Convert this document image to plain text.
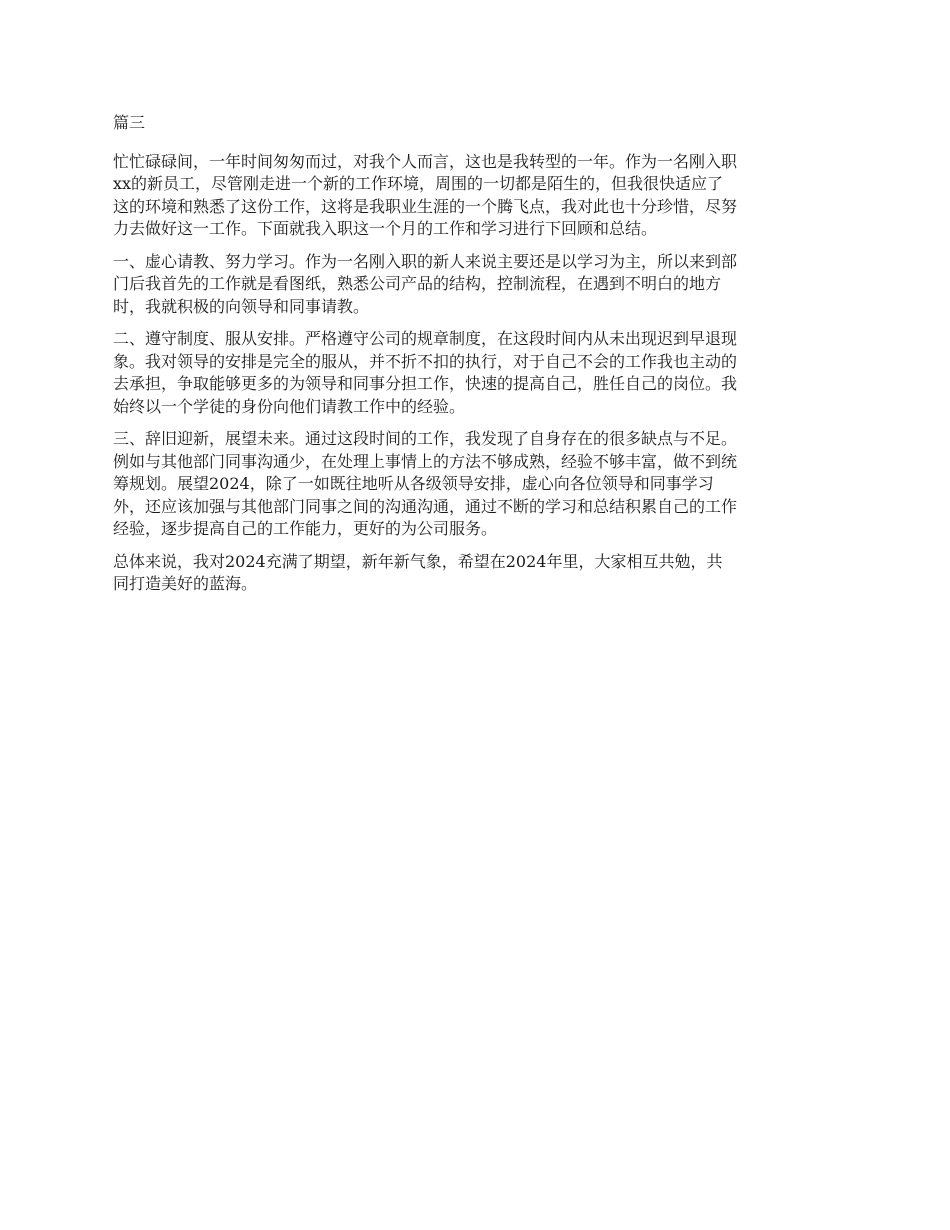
篇三
忙忙碌碌间，一年时间匆匆而过，对我个人而言，这也是我转型的一年。作为一名刚入职
xx的新员工，尽管刚走进一个新的工作环境，周围的一切都是陌生的，但我很快适应了
这的环境和熟悉了这份工作，这将是我职业生涯的一个腾飞点，我对此也十分珍惜，尽努
力去做好这一工作。下面就我入职这一个月的工作和学习进行下回顾和总结。
一、虚心请教、努力学习。作为一名刚入职的新人来说主要还是以学习为主，所以来到部
门后我首先的工作就是看图纸，熟悉公司产品的结构，控制流程，在遇到不明白的地方
时，我就积极的向领导和同事请教。
二、遵守制度、服从安排。严格遵守公司的规章制度，在这段时间内从未出现迟到早退现
象。我对领导的安排是完全的服从，并不折不扣的执行，对于自己不会的工作我也主动的
去承担，争取能够更多的为领导和同事分担工作，快速的提高自己，胜任自己的岗位。我
始终以一个学徒的身份向他们请教工作中的经验。
三、辞旧迎新，展望未来。通过这段时间的工作，我发现了自身存在的很多缺点与不足。
例如与其他部门同事沟通少，在处理上事情上的方法不够成熟，经验不够丰富，做不到统
筹规划。展望2024，除了一如既往地听从各级领导安排，虚心向各位领导和同事学习
外，还应该加强与其他部门同事之间的沟通沟通，通过不断的学习和总结积累自己的工作
经验，逐步提高自己的工作能力，更好的为公司服务。
总体来说，我对2024充满了期望，新年新气象，希望在2024年里，大家相互共勉，共
同打造美好的蓝海。
